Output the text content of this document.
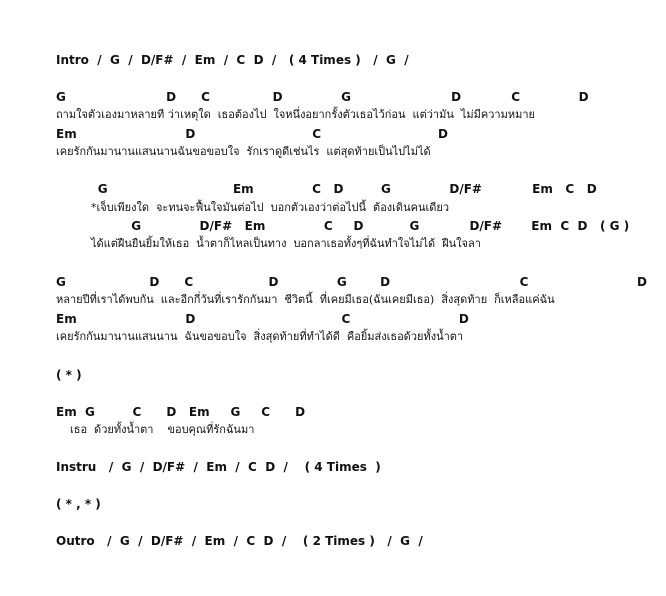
Intro  /  G  /  D/F#  /  Em  /  C  D  /   ( 4 Times )   /  G  /
G                        D      C               D              G                        D            C              D
ถามใจตัวเองมาหลายที ว่าเหตุใด  เธอต้องไป  ใจหนึ่งอยากรั้งตัวเธอไว้ก่อน  แต่ว่ามัน  ไม่มีความหมาย
Em                          D                            C                            D
เคยรักกันมานานแสนนานฉันขอขอบใจ  รักเราดูดีเช่นไร  แต่สุดท้ายเป็นไปไม่ได้
G                              Em              C   D         G              D/F#            Em   C   D
*เจ็บเพียงใด  จะทนจะฟื้นใจมันต่อไป  บอกตัวเองว่าต่อไปนี้  ต้องเดินคนเดียว
G              D/F#   Em              C     D           G            D/F#       Em  C  D   ( G )
ได้แต่ฝืนยืนยิ้มให้เธอ  น้ำตาก็ไหลเป็นทาง  บอกลาเธอทั้งๆที่ฉันทำใจไม่ได้  ฝืนใจลา
G                    D      C                  D              G        D                               C                          D
หลายปีที่เราได้พบกัน  และอีกกี่วันที่เรารักกันมา  ชีวิตนี้  ที่เคยมีเธอ(ฉันเคยมีเธอ)  สิ่งสุดท้าย  ก็เหลือแค่ฉัน
Em                          D                                   C                          D
เคยรักกันมานานแสนนาน  ฉันขอขอบใจ  สิ่งสุดท้ายที่ทำได้ดี  คือยิ้มส่งเธอด้วยทั้งน้ำตา
( * )
Em  G         C      D   Em     G     C      D
เธอ  ด้วยทั้งน้ำตา    ขอบคุณที่รักฉันมา
Instru   /  G  /  D/F#  /  Em  /  C  D  /    ( 4 Times  )
( * , * )
Outro   /  G  /  D/F#  /  Em  /  C  D  /    ( 2 Times )   /  G  /
